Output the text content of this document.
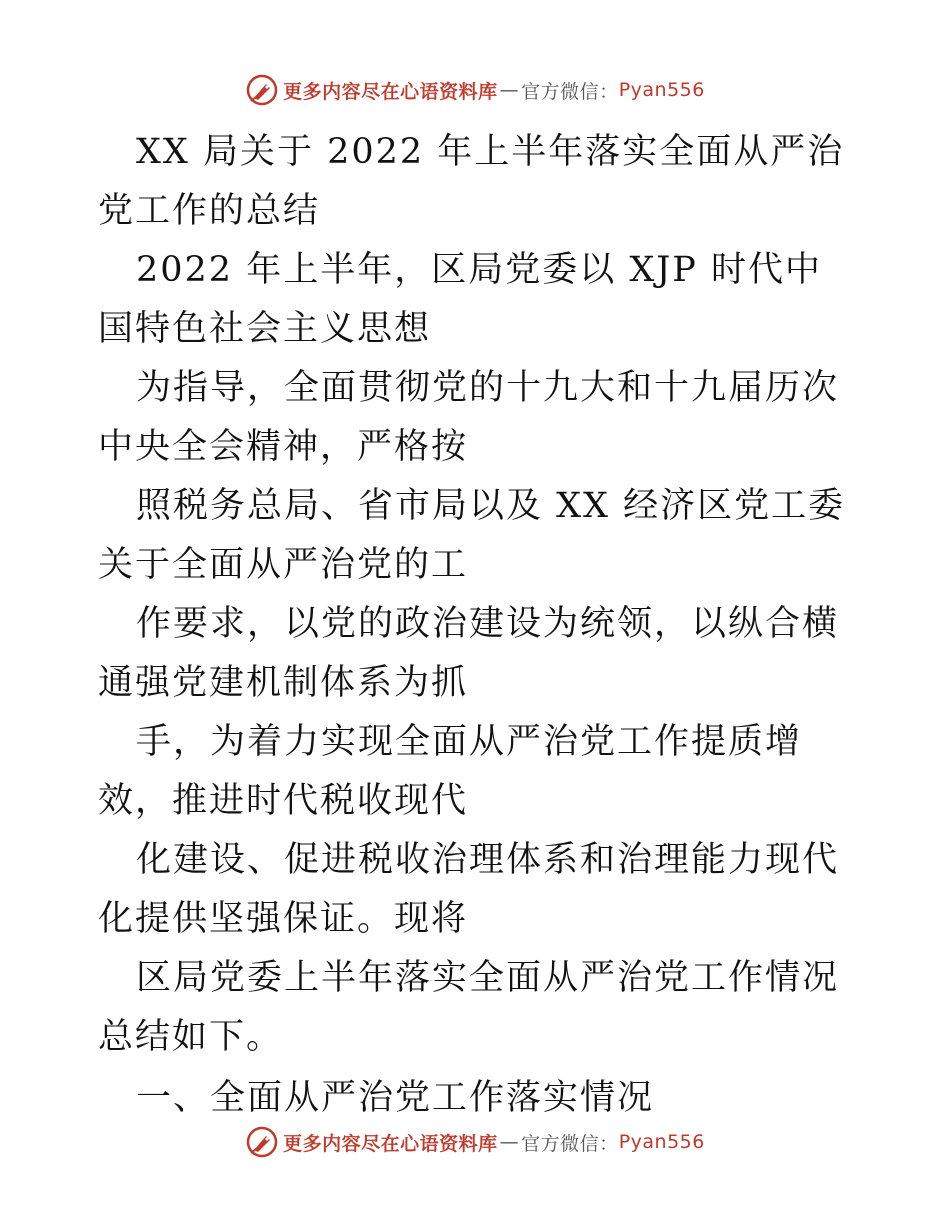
更多内容尽在心语资料库 — 官方微信： Pyan556

XX 局关于 2022 年上半年落实全面从严治党工作的总结

2022 年上半年，区局党委以 XJP 时代中国特色社会主义思想

为指导，全面贯彻党的十九大和十九届历次中央全会精神，严格按

照税务总局、省市局以及 XX 经济区党工委关于全面从严治党的工

作要求，以党的政治建设为统领，以纵合横通强党建机制体系为抓

手，为着力实现全面从严治党工作提质增效，推进时代税收现代

化建设、促进税收治理体系和治理能力现代化提供坚强保证。现将

区局党委上半年落实全面从严治党工作情况总结如下。

一、全面从严治党工作落实情况

更多内容尽在心语资料库 — 官方微信： Pyan556
